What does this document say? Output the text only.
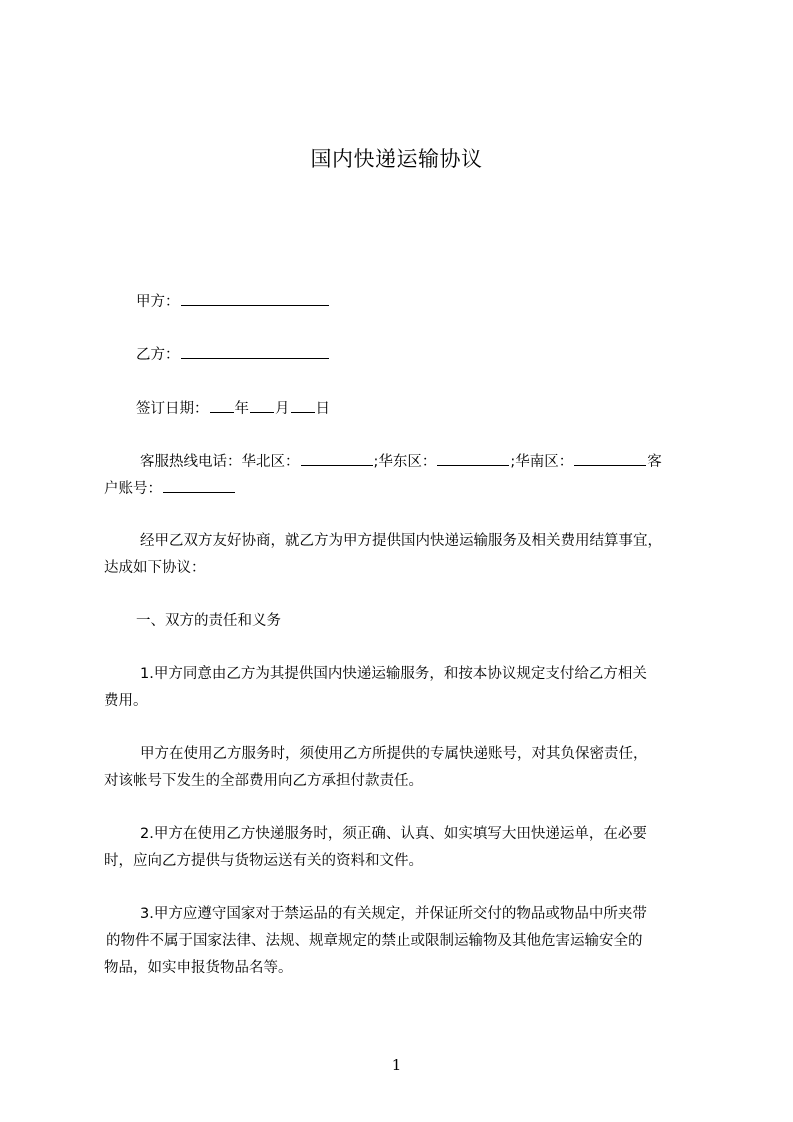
国内快递运输协议
甲方：
乙方：
签订日期： 年 月 日
客服热线电话：华北区：	;华东区：	;华南区：	客
户账号：
经甲乙双方友好协商，就乙方为甲方提供国内快递运输服务及相关费用结算事宜，
达成如下协议：
一、双方的责任和义务
1.甲方同意由乙方为其提供国内快递运输服务，和按本协议规定支付给乙方相关
费用。
甲方在使用乙方服务时，须使用乙方所提供的专属快递账号，对其负保密责任，
对该帐号下发生的全部费用向乙方承担付款责任。
2.甲方在使用乙方快递服务时，须正确、认真、如实填写大田快递运单，在必要
时，应向乙方提供与货物运送有关的资料和文件。
3.甲方应遵守国家对于禁运品的有关规定，并保证所交付的物品或物品中所夹带
的物件不属于国家法律、法规、规章规定的禁止或限制运输物及其他危害运输安全的
物品，如实申报货物品名等。
1
